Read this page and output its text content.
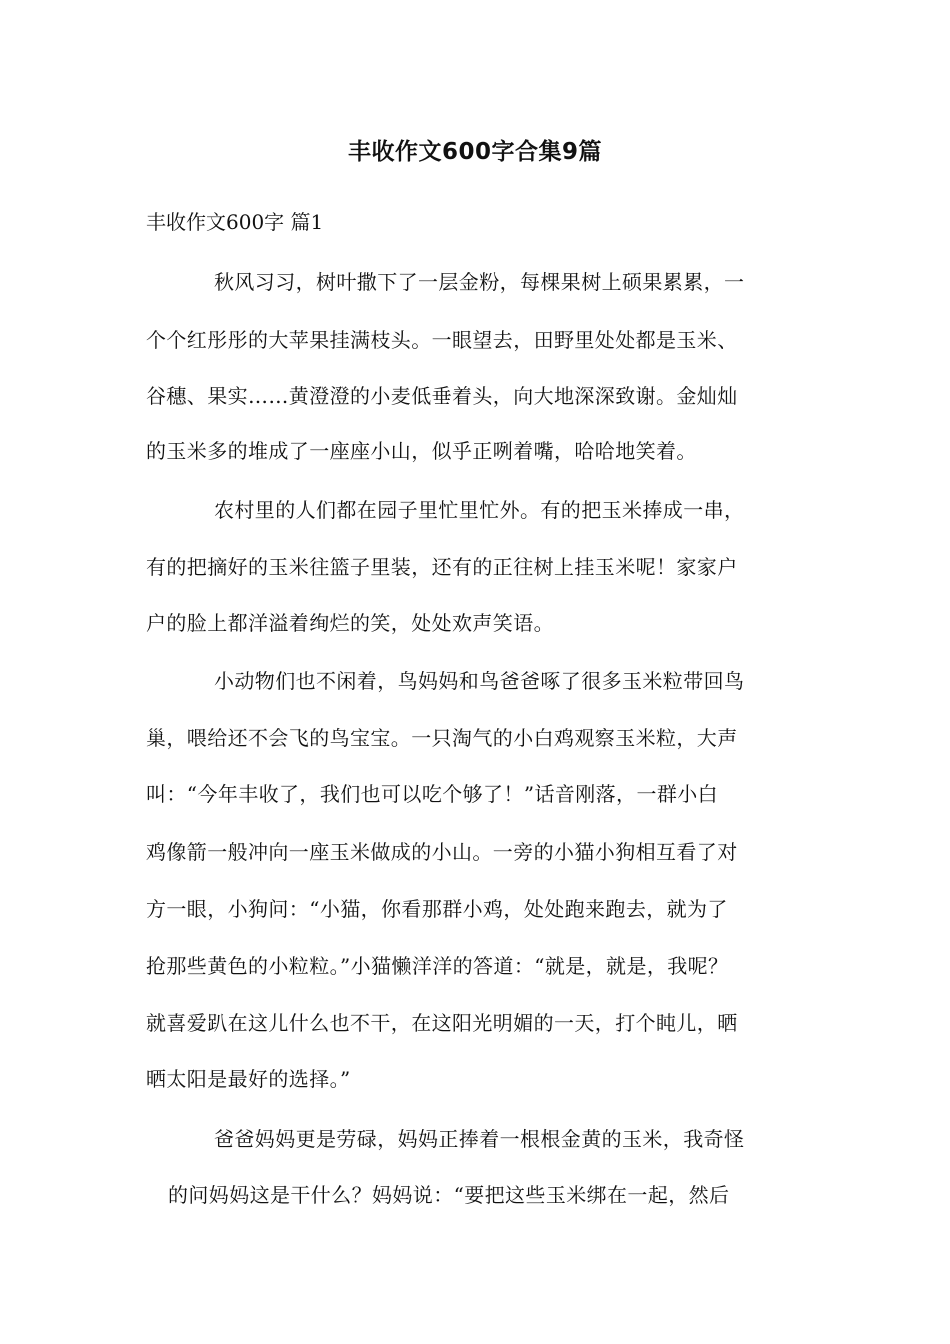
丰收作文600字合集9篇
丰收作文600字 篇1
秋风习习，树叶撒下了一层金粉，每棵果树上硕果累累，一
个个红彤彤的大苹果挂满枝头。一眼望去，田野里处处都是玉米、
谷穗、果实……黄澄澄的小麦低垂着头，向大地深深致谢。金灿灿
的玉米多的堆成了一座座小山，似乎正咧着嘴，哈哈地笑着。
农村里的人们都在园子里忙里忙外。有的把玉米捧成一串，
有的把摘好的玉米往篮子里装，还有的正往树上挂玉米呢！家家户
户的脸上都洋溢着绚烂的笑，处处欢声笑语。
小动物们也不闲着，鸟妈妈和鸟爸爸啄了很多玉米粒带回鸟
巢，喂给还不会飞的鸟宝宝。一只淘气的小白鸡观察玉米粒，大声
叫：“今年丰收了，我们也可以吃个够了！”话音刚落，一群小白
鸡像箭一般冲向一座玉米做成的小山。一旁的小猫小狗相互看了对
方一眼，小狗问：“小猫，你看那群小鸡，处处跑来跑去，就为了
抢那些黄色的小粒粒。”小猫懒洋洋的答道：“就是，就是，我呢？
就喜爱趴在这儿什么也不干，在这阳光明媚的一天，打个盹儿，晒
晒太阳是最好的选择。”
爸爸妈妈更是劳碌，妈妈正捧着一根根金黄的玉米，我奇怪
的问妈妈这是干什么？妈妈说：“要把这些玉米绑在一起，然后
